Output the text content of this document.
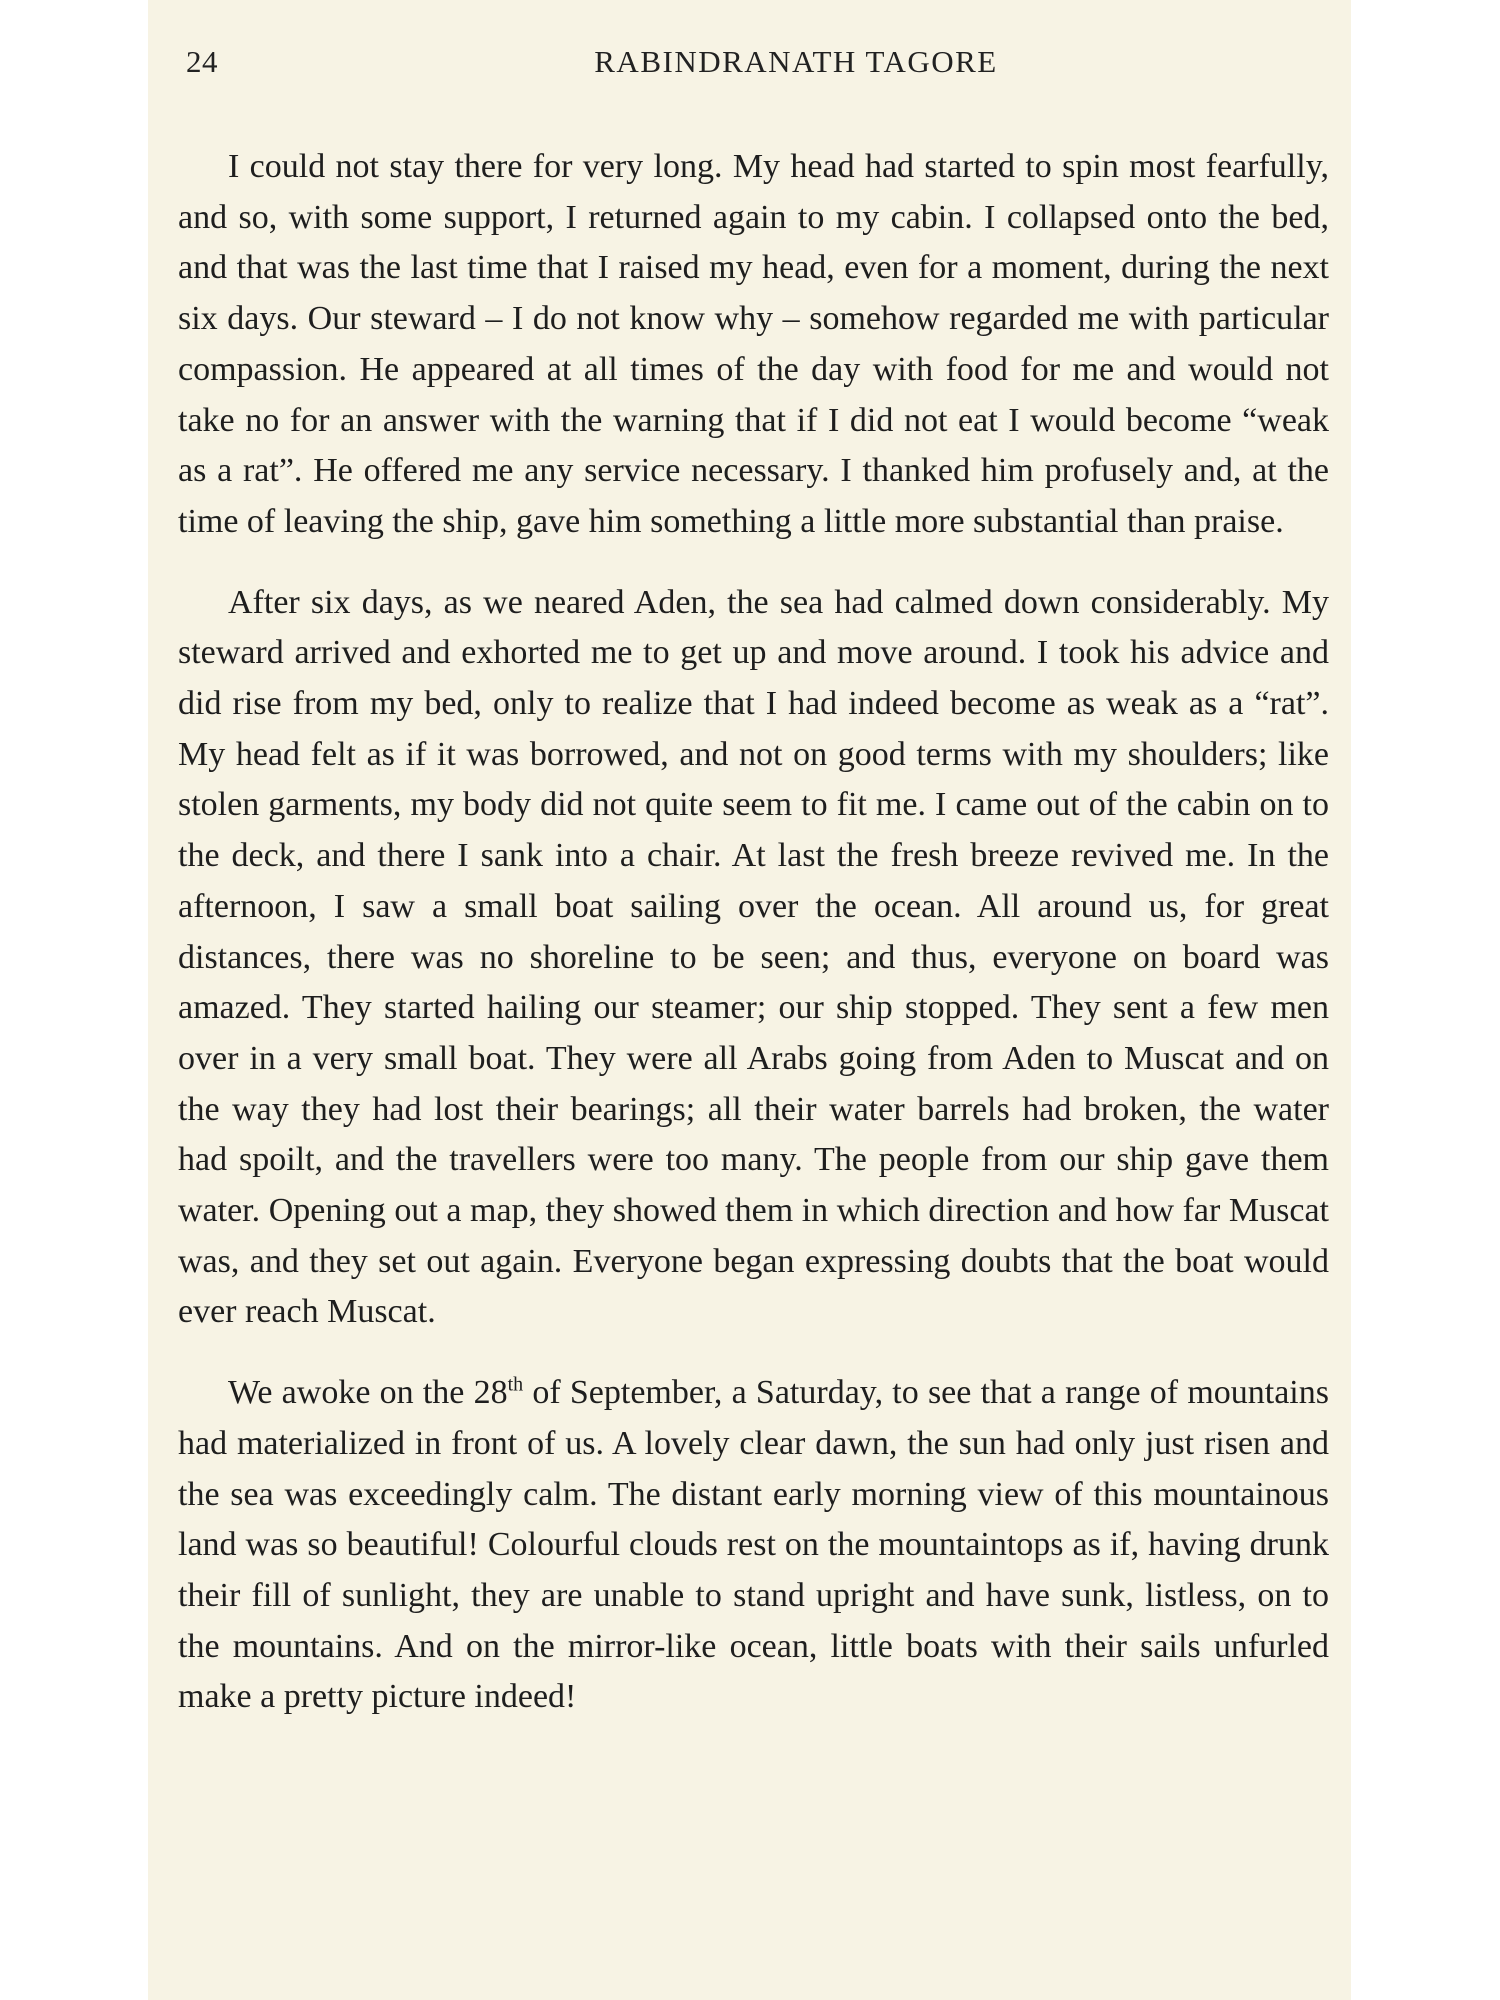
24	RABINDRANATH TAGORE

I could not stay there for very long. My head had started to spin most fearfully, and so, with some support, I returned again to my cabin. I collapsed onto the bed, and that was the last time that I raised my head, even for a moment, during the next six days. Our steward – I do not know why – somehow regarded me with particular compassion. He appeared at all times of the day with food for me and would not take no for an answer with the warning that if I did not eat I would become “weak as a rat”. He offered me any service necessary. I thanked him profusely and, at the time of leaving the ship, gave him something a little more substantial than praise.

After six days, as we neared Aden, the sea had calmed down considerably. My steward arrived and exhorted me to get up and move around. I took his advice and did rise from my bed, only to realize that I had indeed become as weak as a “rat”. My head felt as if it was borrowed, and not on good terms with my shoulders; like stolen garments, my body did not quite seem to fit me. I came out of the cabin on to the deck, and there I sank into a chair. At last the fresh breeze revived me. In the afternoon, I saw a small boat sailing over the ocean. All around us, for great distances, there was no shoreline to be seen; and thus, everyone on board was amazed. They started hailing our steamer; our ship stopped. They sent a few men over in a very small boat. They were all Arabs going from Aden to Muscat and on the way they had lost their bearings; all their water barrels had broken, the water had spoilt, and the travellers were too many. The people from our ship gave them water. Opening out a map, they showed them in which direction and how far Muscat was, and they set out again. Everyone began expressing doubts that the boat would ever reach Muscat.

We awoke on the 28th of September, a Saturday, to see that a range of mountains had materialized in front of us. A lovely clear dawn, the sun had only just risen and the sea was exceedingly calm. The distant early morning view of this mountainous land was so beautiful! Colourful clouds rest on the mountaintops as if, having drunk their fill of sunlight, they are unable to stand upright and have sunk, listless, on to the mountains. And on the mirror-like ocean, little boats with their sails unfurled make a pretty picture indeed!
